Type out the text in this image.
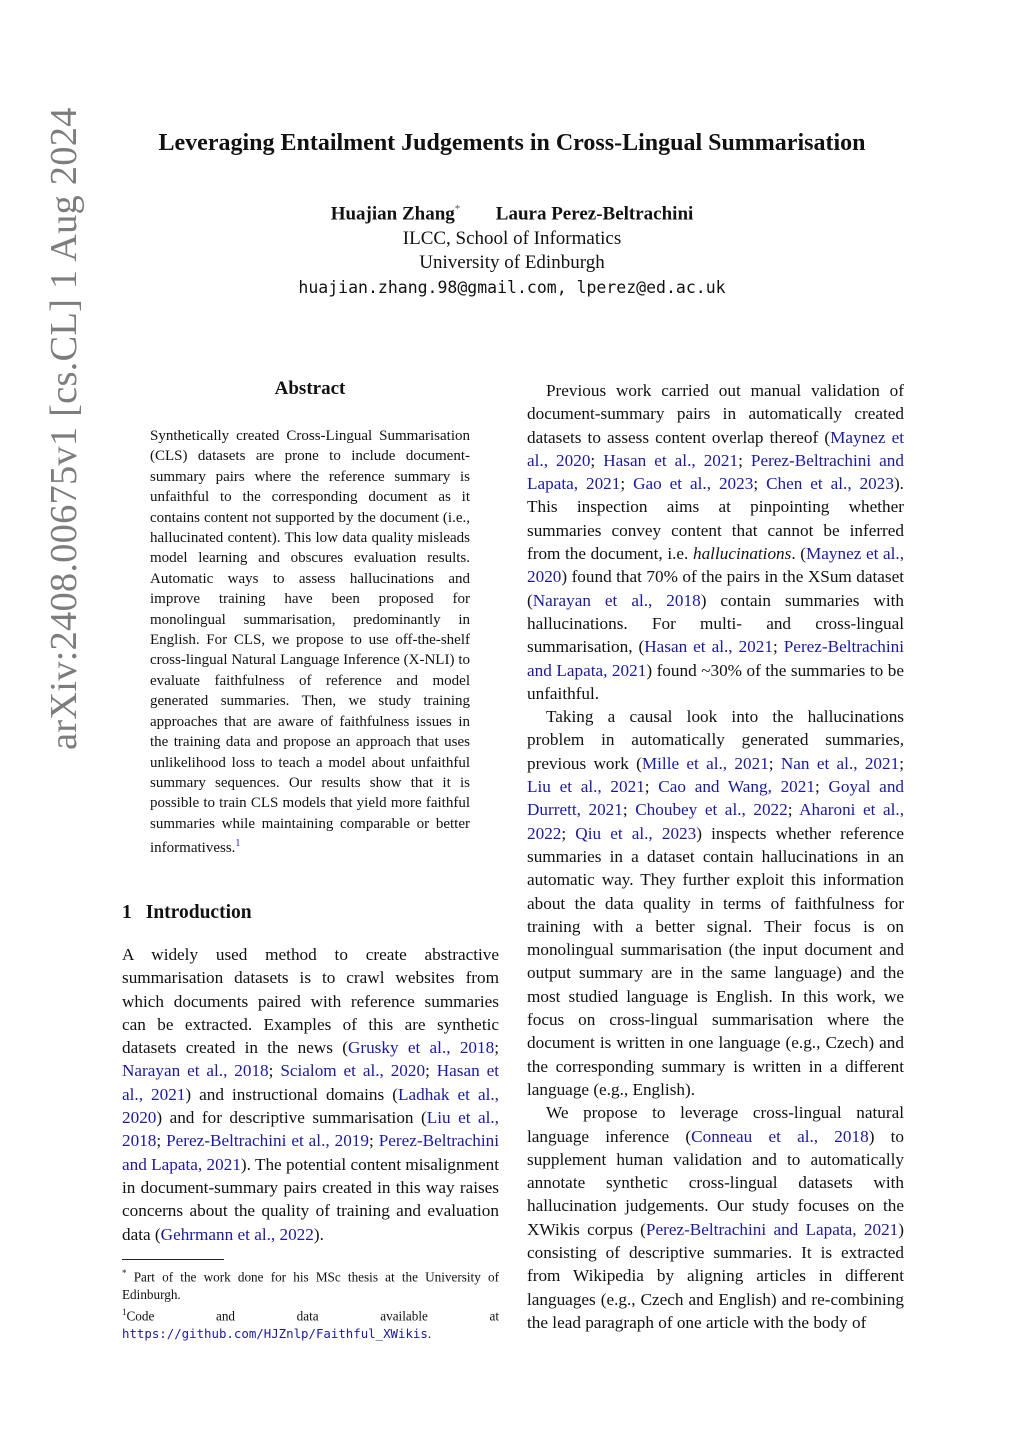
arXiv:2408.00675v1 [cs.CL] 1 Aug 2024	Leveraging Entailment Judgements in Cross-Lingual Summarisation
Huajian Zhang* Laura Perez-Beltrachini
ILCC, School of Informatics
University of Edinburgh
huajian.zhang.98@gmail.com, lperez@ed.ac.uk
Abstract
Synthetically created Cross-Lingual Summarisation (CLS) datasets are prone to include document-summary pairs where the reference summary is unfaithful to the corresponding document as it contains content not supported by the document (i.e., hallucinated content). This low data quality misleads model learning and obscures evaluation results. Automatic ways to assess hallucinations and improve training have been proposed for monolingual summarisation, predominantly in English. For CLS, we propose to use off-the-shelf cross-lingual Natural Language Inference (X-NLI) to evaluate faithfulness of reference and model generated summaries. Then, we study training approaches that are aware of faithfulness issues in the training data and propose an approach that uses unlikelihood loss to teach a model about unfaithful summary sequences. Our results show that it is possible to train CLS models that yield more faithful summaries while maintaining comparable or better informativess.$^1$
1 Introduction

A widely used method to create abstractive summarisation datasets is to crawl websites from which documents paired with reference summaries can be extracted. Examples of this are synthetic datasets created in the news (Grusky et al., 2018; Narayan et al., 2018; Scialom et al., 2020; Hasan et al., 2021) and instructional domains (Ladhak et al., 2020) and for descriptive summarisation (Liu et al., 2018; Perez-Beltrachini et al., 2019; Perez-Beltrachini and Lapata, 2021). The potential content misalignment in document-summary pairs created in this way raises concerns about the quality of training and evaluation data (Gehrmann et al., 2022).

* Part of the work done for his MSc thesis at the University of Edinburgh.

$^1$Code and data available at https://github.com/HJZnlp/Faithful_XWikis.

Previous work carried out manual validation of document-summary pairs in automatically created datasets to assess content overlap thereof (Maynez et al., 2020; Hasan et al., 2021; Perez-Beltrachini and Lapata, 2021; Gao et al., 2023; Chen et al., 2023). This inspection aims at pinpointing whether summaries convey content that cannot be inferred from the document, i.e. hallucinations. (Maynez et al., 2020) found that 70% of the pairs in the XSum dataset (Narayan et al., 2018) contain summaries with hallucinations. For multi- and cross-lingual summarisation, (Hasan et al., 2021; Perez-Beltrachini and Lapata, 2021) found ~30% of the summaries to be unfaithful.

Taking a causal look into the hallucinations problem in automatically generated summaries, previous work (Mille et al., 2021; Nan et al., 2021; Liu et al., 2021; Cao and Wang, 2021; Goyal and Durrett, 2021; Choubey et al., 2022; Aharoni et al., 2022; Qiu et al., 2023) inspects whether reference summaries in a dataset contain hallucinations in an automatic way. They further exploit this information about the data quality in terms of faithfulness for training with a better signal. Their focus is on monolingual summarisation (the input document and output summary are in the same language) and the most studied language is English. In this work, we focus on cross-lingual summarisation where the document is written in one language (e.g., Czech) and the corresponding summary is written in a different language (e.g., English).

We propose to leverage cross-lingual natural language inference (Conneau et al., 2018) to supplement human validation and to automatically annotate synthetic cross-lingual datasets with hallucination judgements. Our study focuses on the XWikis corpus (Perez-Beltrachini and Lapata, 2021) consisting of descriptive summaries. It is extracted from Wikipedia by aligning articles in different languages (e.g., Czech and English) and re-combining the lead paragraph of one article with the body of
